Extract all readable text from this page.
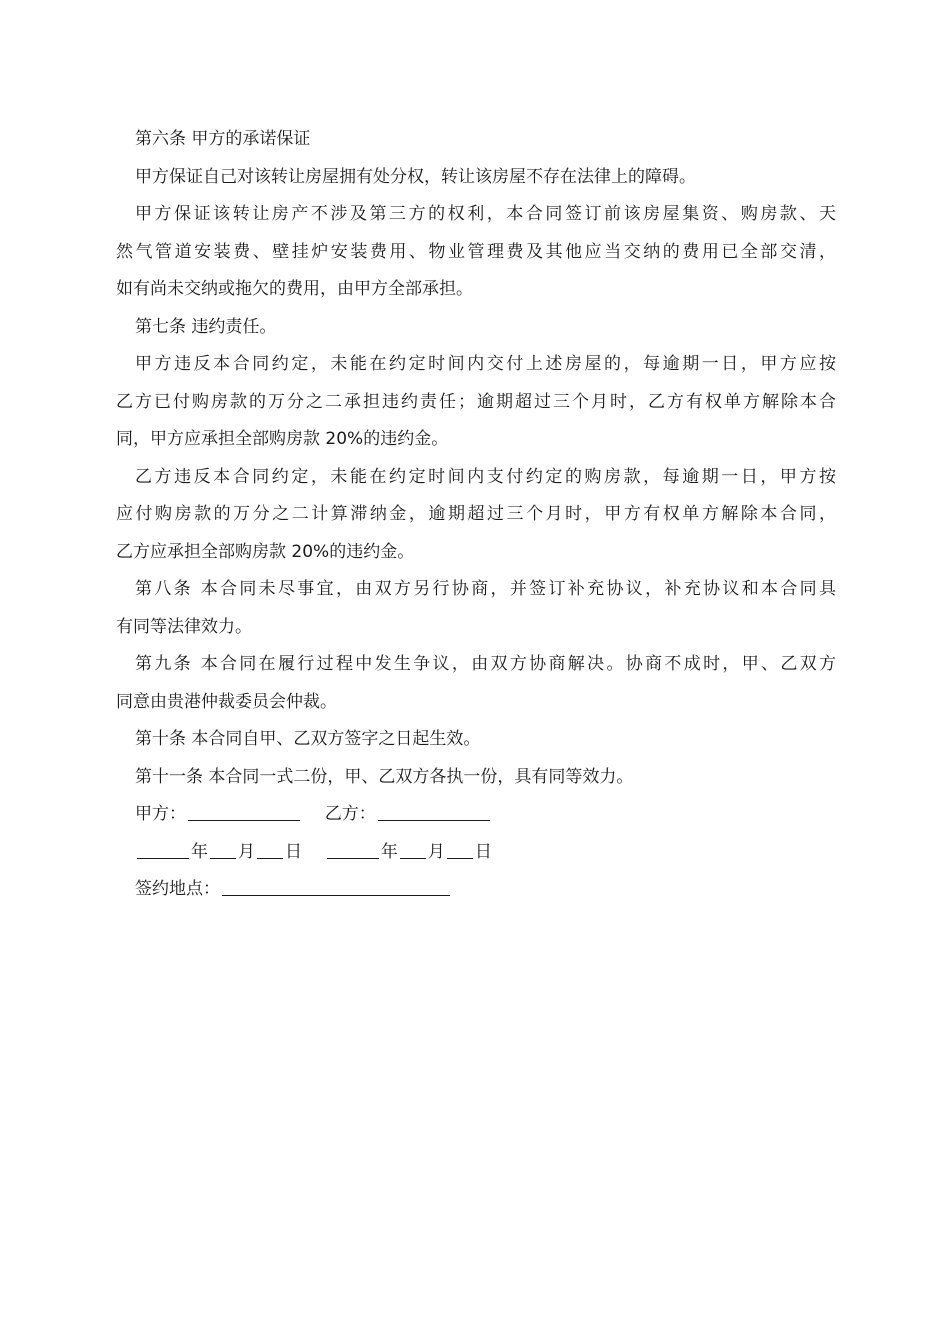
第六条 甲方的承诺保证
甲方保证自己对该转让房屋拥有处分权，转让该房屋不存在法律上的障碍。
甲方保证该转让房产不涉及第三方的权利，本合同签订前该房屋集资、购房款、天
然气管道安装费、壁挂炉安装费用、物业管理费及其他应当交纳的费用已全部交清，
如有尚未交纳或拖欠的费用，由甲方全部承担。
第七条 违约责任。
甲方违反本合同约定，未能在约定时间内交付上述房屋的，每逾期一日，甲方应按
乙方已付购房款的万分之二承担违约责任；逾期超过三个月时，乙方有权单方解除本合
同，甲方应承担全部购房款 20%的违约金。
乙方违反本合同约定，未能在约定时间内支付约定的购房款，每逾期一日，甲方按
应付购房款的万分之二计算滞纳金，逾期超过三个月时，甲方有权单方解除本合同，
乙方应承担全部购房款 20%的违约金。
第八条 本合同未尽事宜，由双方另行协商，并签订补充协议，补充协议和本合同具
有同等法律效力。
第九条 本合同在履行过程中发生争议，由双方协商解决。协商不成时，甲、乙双方
同意由贵港仲裁委员会仲裁。
第十条 本合同自甲、乙双方签字之日起生效。
第十一条 本合同一式二份，甲、乙双方各执一份，具有同等效力。
甲方：	乙方：
年 月 日	年 月 日
签约地点：
